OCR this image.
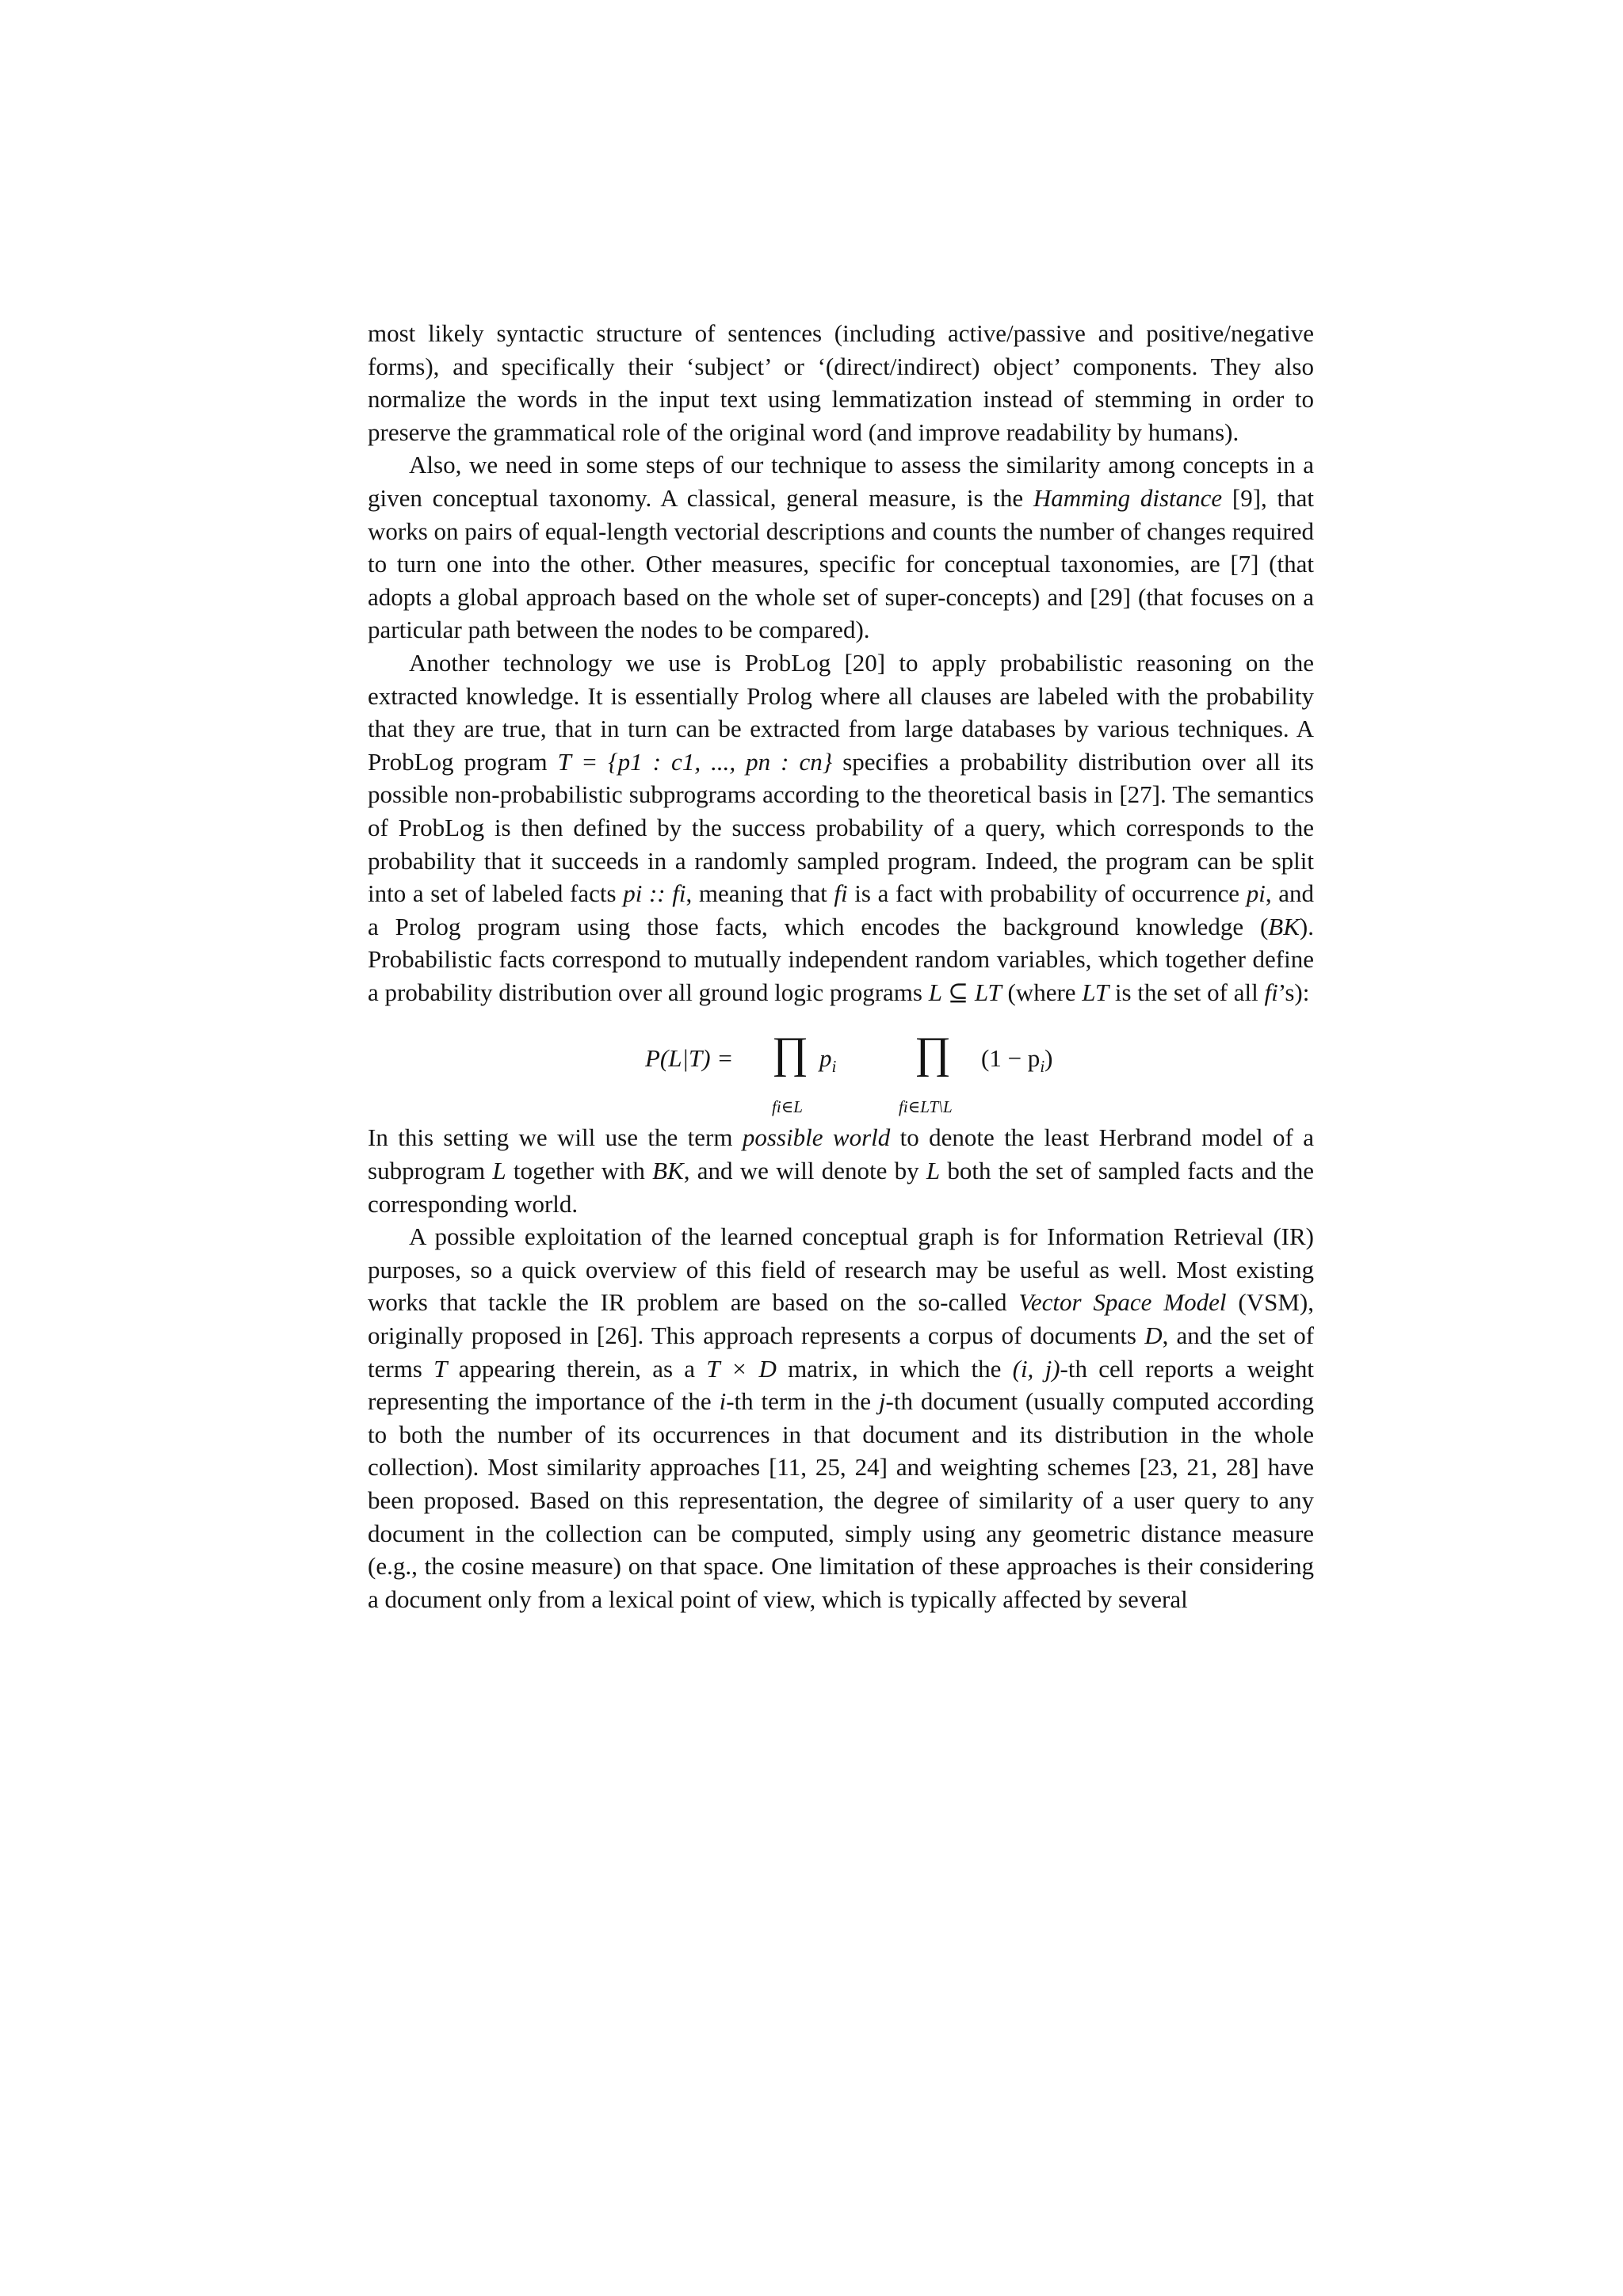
most likely syntactic structure of sentences (including active/passive and positive/negative forms), and specifically their ‘subject’ or ‘(direct/indirect) object’ components. They also normalize the words in the input text using lemmatization instead of stemming in order to preserve the grammatical role of the original word (and improve readability by humans).

Also, we need in some steps of our technique to assess the similarity among concepts in a given conceptual taxonomy. A classical, general measure, is the Hamming distance [9], that works on pairs of equal-length vectorial descriptions and counts the number of changes required to turn one into the other. Other measures, specific for conceptual taxonomies, are [7] (that adopts a global approach based on the whole set of super-concepts) and [29] (that focuses on a particular path between the nodes to be compared).

Another technology we use is ProbLog [20] to apply probabilistic reasoning on the extracted knowledge. It is essentially Prolog where all clauses are labeled with the probability that they are true, that in turn can be extracted from large databases by various techniques. A ProbLog program T = {p1 : c1, ..., pn : cn} specifies a probability distribution over all its possible non-probabilistic subprograms according to the theoretical basis in [27]. The semantics of ProbLog is then defined by the success probability of a query, which corresponds to the probability that it succeeds in a randomly sampled program. Indeed, the program can be split into a set of labeled facts pi :: fi, meaning that fi is a fact with probability of occurrence pi, and a Prolog program using those facts, which encodes the background knowledge (BK). Probabilistic facts correspond to mutually independent random variables, which together define a probability distribution over all ground logic programs L ⊆ LT (where LT is the set of all fi’s):

P(L|T) = ∏ $p_i$
fi∈L
∏ $(1 - p_i)$
fi∈LT\L

In this setting we will use the term possible world to denote the least Herbrand model of a subprogram L together with BK, and we will denote by L both the set of sampled facts and the corresponding world.

A possible exploitation of the learned conceptual graph is for Information Retrieval (IR) purposes, so a quick overview of this field of research may be useful as well. Most existing works that tackle the IR problem are based on the so-called Vector Space Model (VSM), originally proposed in [26]. This approach represents a corpus of documents D, and the set of terms T appearing therein, as a T × D matrix, in which the (i, j)-th cell reports a weight representing the importance of the i-th term in the j-th document (usually computed according to both the number of its occurrences in that document and its distribution in the whole collection). Most similarity approaches [11, 25, 24] and weighting schemes [23, 21, 28] have been proposed. Based on this representation, the degree of similarity of a user query to any document in the collection can be computed, simply using any geometric distance measure (e.g., the cosine measure) on that space. One limitation of these approaches is their considering a document only from a lexical point of view, which is typically affected by several
